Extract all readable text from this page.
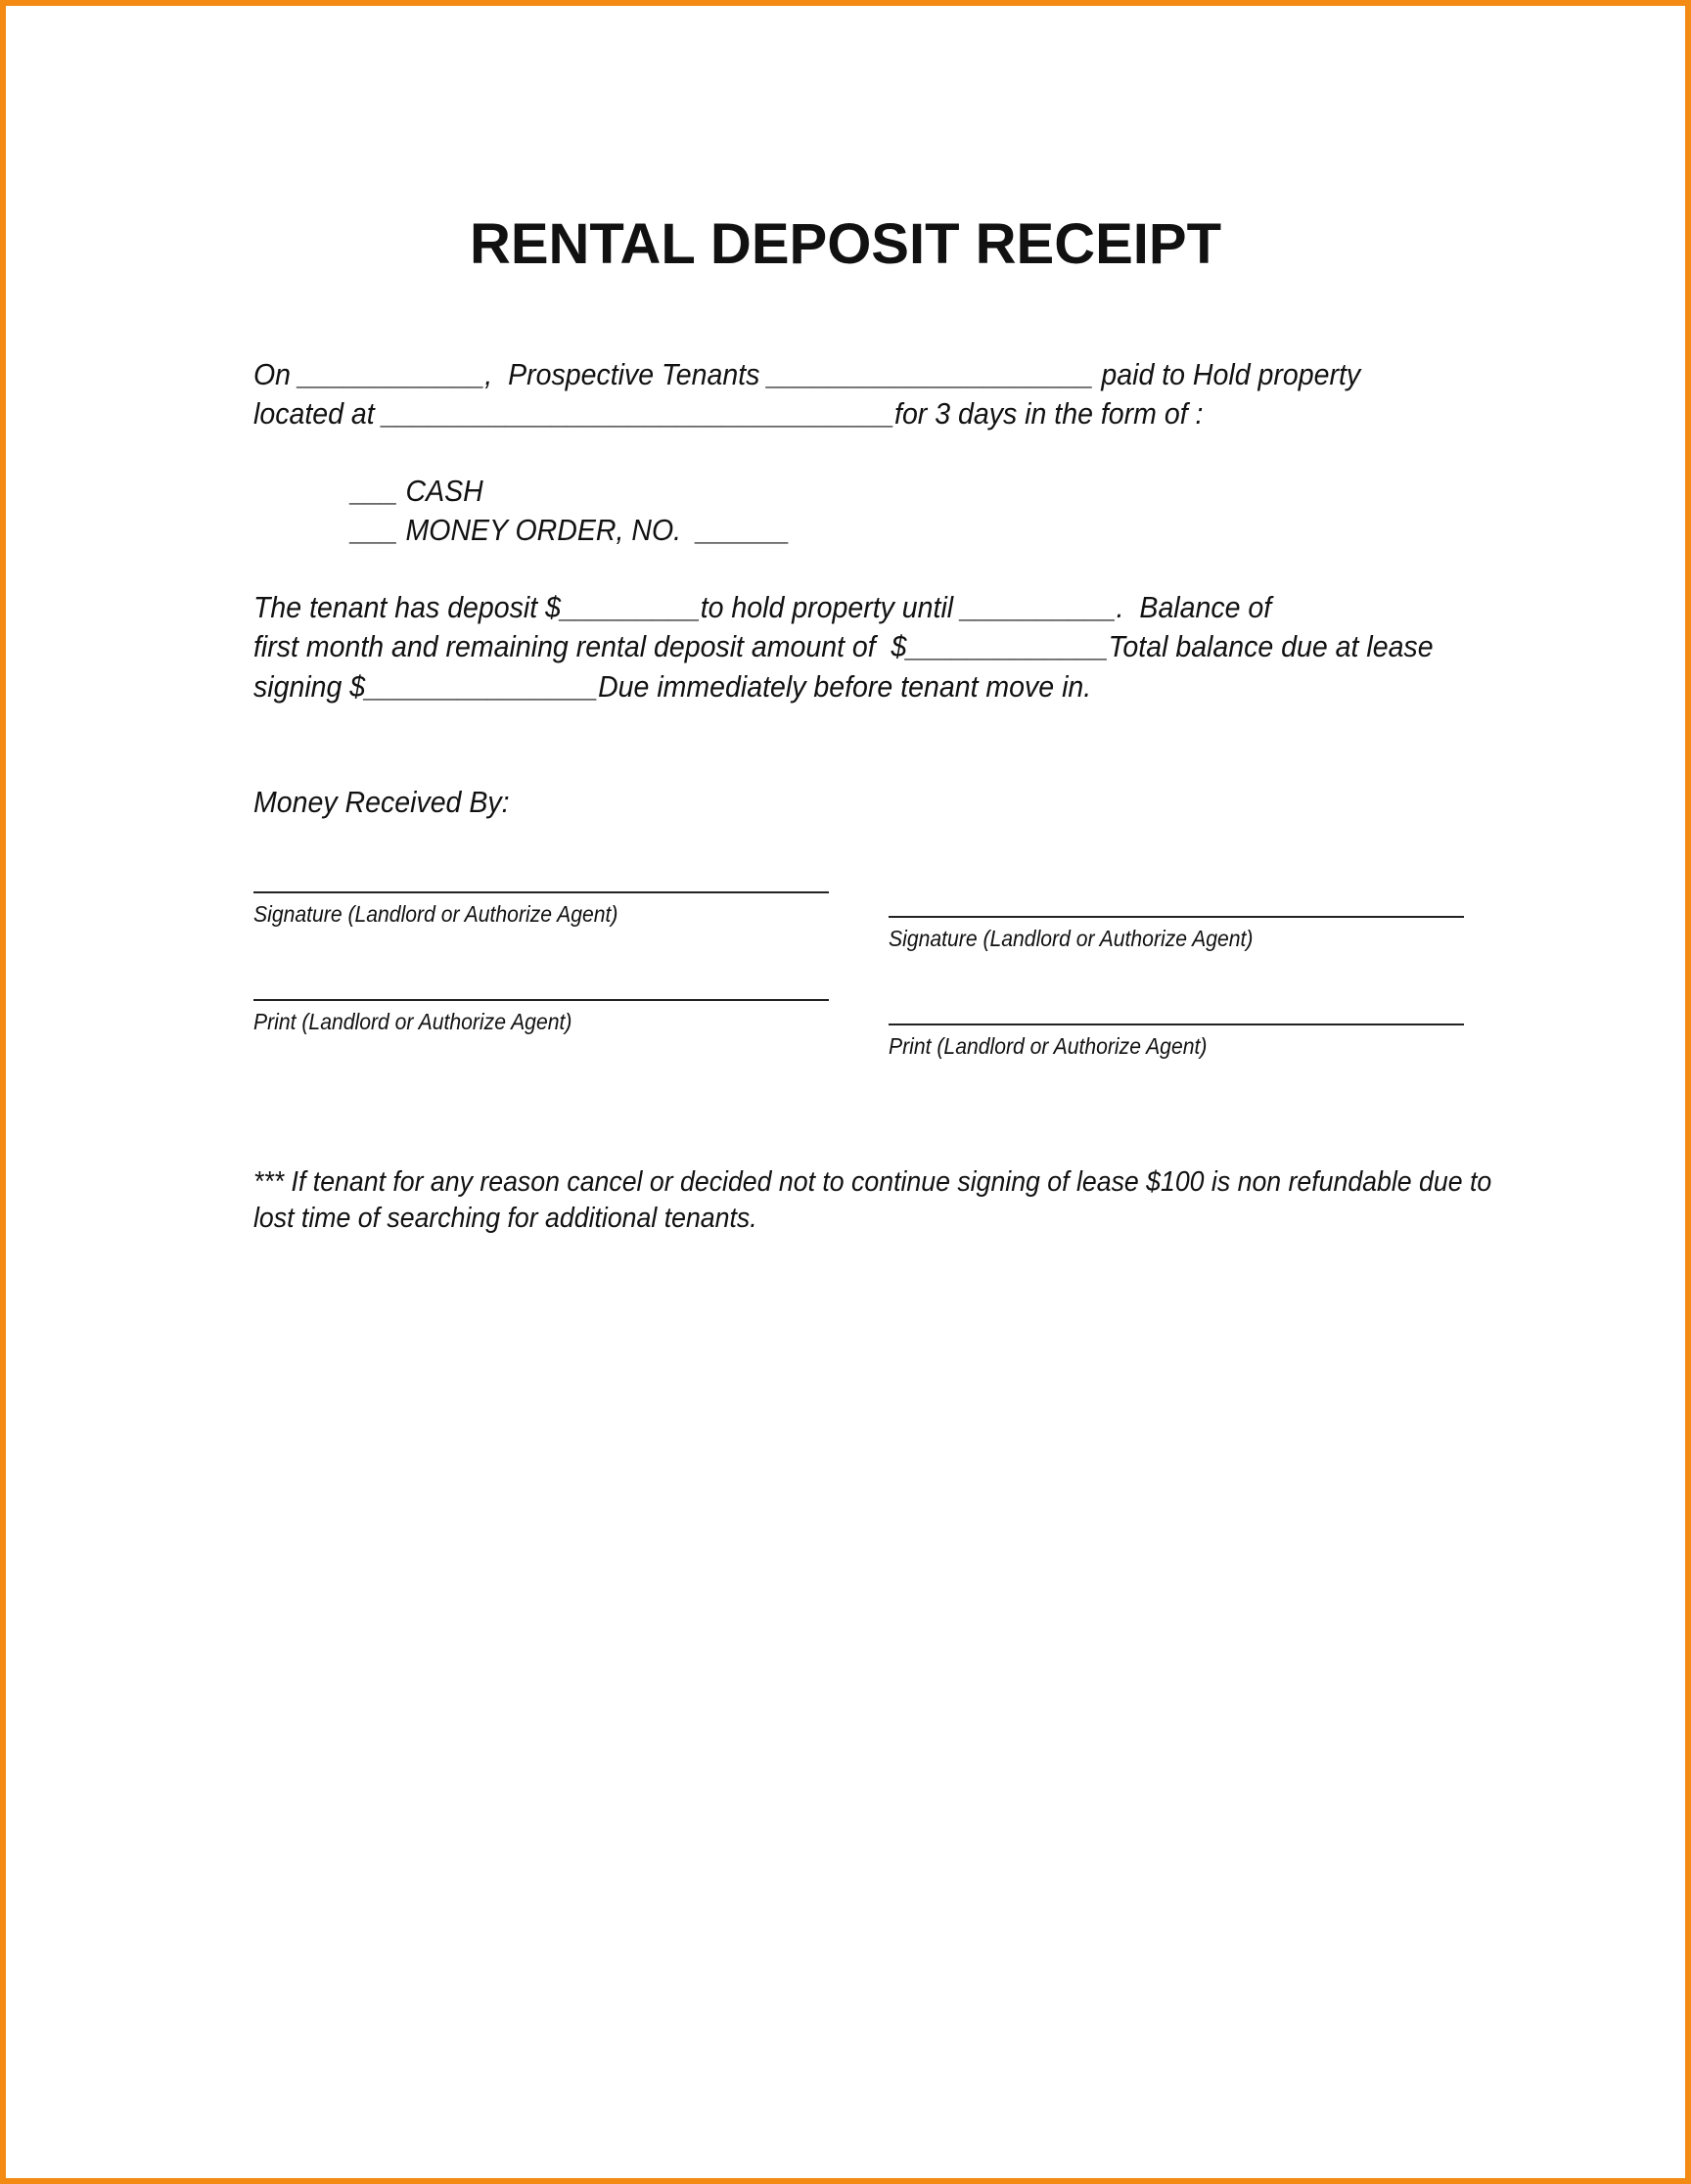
RENTAL DEPOSIT RECEIPT
On ____________,  Prospective Tenants _____________________ paid to Hold property
located at _________________________________for 3 days in the form of :
___ CASH
___ MONEY ORDER, NO.  ______
The tenant has deposit $_________to hold property until __________.  Balance of
first month and remaining rental deposit amount of  $_____________Total balance due at lease
signing $_______________Due immediately before tenant move in.
Money Received By:
Signature (Landlord or Authorize Agent)
Print (Landlord or Authorize Agent)
Signature (Landlord or Authorize Agent)
Print (Landlord or Authorize Agent)
*** If tenant for any reason cancel or decided not to continue signing of lease $100 is non refundable due to
lost time of searching for additional tenants.
